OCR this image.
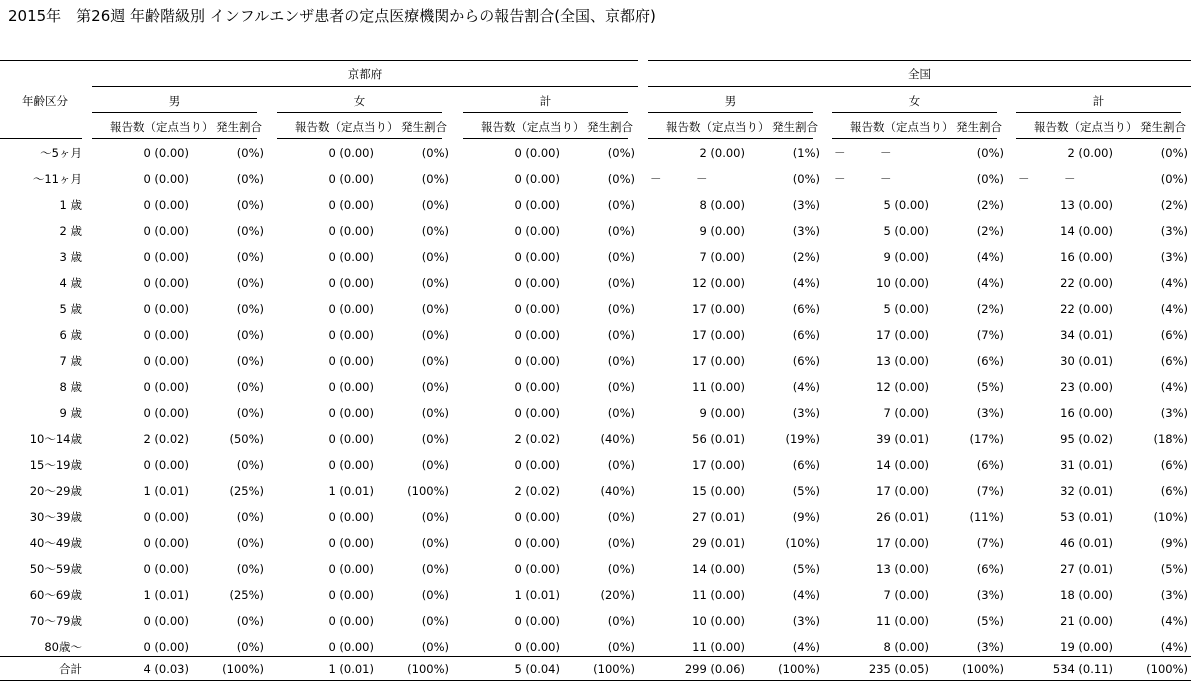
2015年　第26週 年齢階級別 インフルエンザ患者の定点医療機関からの報告割合(全国、京都府)
京都府	全国
年齢区分	男
報告数（定点当り） 発生割合
女
報告数（定点当り） 発生割合
計
報告数（定点当り） 発生割合
男
報告数（定点当り） 発生割合
女
報告数（定点当り） 発生割合
計
報告数（定点当り） 発生割合
～5ヶ月	0 (0.00)	(0%)	0 (0.00)	(0%)	0 (0.00)	(0%)	2 (0.00)	(1%) －　　　－	(0%)	2 (0.00)	(0%)
～11ヶ月	0 (0.00)	(0%)	0 (0.00)	(0%)	0 (0.00)	(0%) －　　　－	(0%) －　　　－	(0%) －　　　－	(0%)
1 歳	0 (0.00)	(0%)	0 (0.00)	(0%)	0 (0.00)	(0%)	8 (0.00)	(3%)	5 (0.00)	(2%)	13 (0.00)	(2%)
2 歳	0 (0.00)	(0%)	0 (0.00)	(0%)	0 (0.00)	(0%)	9 (0.00)	(3%)	5 (0.00)	(2%)	14 (0.00)	(3%)
3 歳	0 (0.00)	(0%)	0 (0.00)	(0%)	0 (0.00)	(0%)	7 (0.00)	(2%)	9 (0.00)	(4%)	16 (0.00)	(3%)
4 歳	0 (0.00)	(0%)	0 (0.00)	(0%)	0 (0.00)	(0%)	12 (0.00)	(4%)	10 (0.00)	(4%)	22 (0.00)	(4%)
5 歳	0 (0.00)	(0%)	0 (0.00)	(0%)	0 (0.00)	(0%)	17 (0.00)	(6%)	5 (0.00)	(2%)	22 (0.00)	(4%)
6 歳	0 (0.00)	(0%)	0 (0.00)	(0%)	0 (0.00)	(0%)	17 (0.00)	(6%)	17 (0.00)	(7%)	34 (0.01)	(6%)
7 歳	0 (0.00)	(0%)	0 (0.00)	(0%)	0 (0.00)	(0%)	17 (0.00)	(6%)	13 (0.00)	(6%)	30 (0.01)	(6%)
8 歳	0 (0.00)	(0%)	0 (0.00)	(0%)	0 (0.00)	(0%)	11 (0.00)	(4%)	12 (0.00)	(5%)	23 (0.00)	(4%)
9 歳	0 (0.00)	(0%)	0 (0.00)	(0%)	0 (0.00)	(0%)	9 (0.00)	(3%)	7 (0.00)	(3%)	16 (0.00)	(3%)
10～14歳	2 (0.02)	(50%)	0 (0.00)	(0%)	2 (0.02)	(40%)	56 (0.01)	(19%)	39 (0.01)	(17%)	95 (0.02)	(18%)
15～19歳	0 (0.00)	(0%)	0 (0.00)	(0%)	0 (0.00)	(0%)	17 (0.00)	(6%)	14 (0.00)	(6%)	31 (0.01)	(6%)
20～29歳	1 (0.01)	(25%)	1 (0.01)	(100%)	2 (0.02)	(40%)	15 (0.00)	(5%)	17 (0.00)	(7%)	32 (0.01)	(6%)
30～39歳	0 (0.00)	(0%)	0 (0.00)	(0%)	0 (0.00)	(0%)	27 (0.01)	(9%)	26 (0.01)	(11%)	53 (0.01)	(10%)
40～49歳	0 (0.00)	(0%)	0 (0.00)	(0%)	0 (0.00)	(0%)	29 (0.01)	(10%)	17 (0.00)	(7%)	46 (0.01)	(9%)
50～59歳	0 (0.00)	(0%)	0 (0.00)	(0%)	0 (0.00)	(0%)	14 (0.00)	(5%)	13 (0.00)	(6%)	27 (0.01)	(5%)
60～69歳	1 (0.01)	(25%)	0 (0.00)	(0%)	1 (0.01)	(20%)	11 (0.00)	(4%)	7 (0.00)	(3%)	18 (0.00)	(3%)
70～79歳	0 (0.00)	(0%)	0 (0.00)	(0%)	0 (0.00)	(0%)	10 (0.00)	(3%)	11 (0.00)	(5%)	21 (0.00)	(4%)
80歳～	0 (0.00)	(0%)	0 (0.00)	(0%)	0 (0.00)	(0%)	11 (0.00)	(4%)	8 (0.00)	(3%)	19 (0.00)	(4%)
合計	4 (0.03)	(100%)	1 (0.01)	(100%)	5 (0.04)	(100%)	299 (0.06)	(100%)	235 (0.05)	(100%)	534 (0.11)	(100%)
